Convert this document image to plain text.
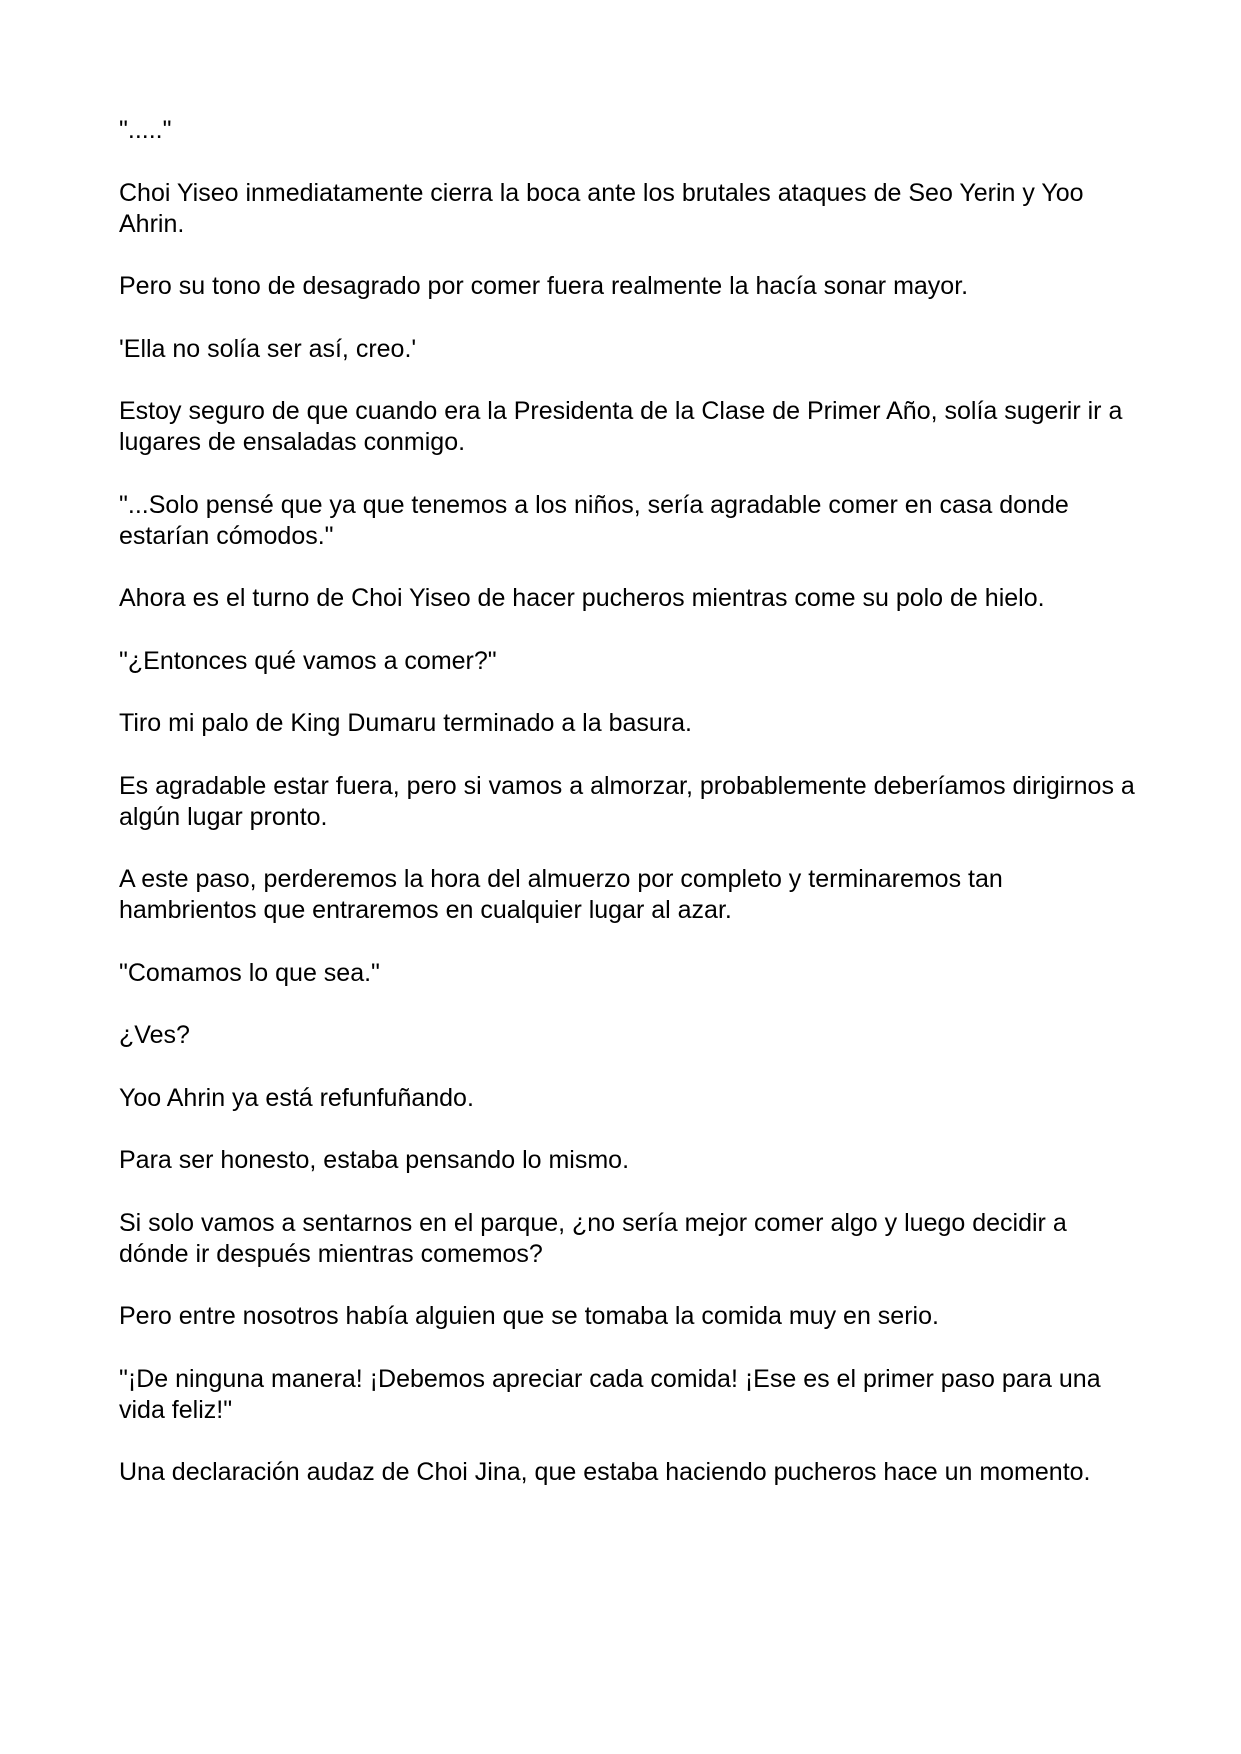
"....."

Choi Yiseo inmediatamente cierra la boca ante los brutales ataques de Seo Yerin y Yoo Ahrin.

Pero su tono de desagrado por comer fuera realmente la hacía sonar mayor.

'Ella no solía ser así, creo.'

Estoy seguro de que cuando era la Presidenta de la Clase de Primer Año, solía sugerir ir a lugares de ensaladas conmigo.

"...Solo pensé que ya que tenemos a los niños, sería agradable comer en casa donde estarían cómodos."

Ahora es el turno de Choi Yiseo de hacer pucheros mientras come su polo de hielo.

"¿Entonces qué vamos a comer?"

Tiro mi palo de King Dumaru terminado a la basura.

Es agradable estar fuera, pero si vamos a almorzar, probablemente deberíamos dirigirnos a algún lugar pronto.

A este paso, perderemos la hora del almuerzo por completo y terminaremos tan hambrientos que entraremos en cualquier lugar al azar.

"Comamos lo que sea."

¿Ves?

Yoo Ahrin ya está refunfuñando.

Para ser honesto, estaba pensando lo mismo.

Si solo vamos a sentarnos en el parque, ¿no sería mejor comer algo y luego decidir a dónde ir después mientras comemos?

Pero entre nosotros había alguien que se tomaba la comida muy en serio.

"¡De ninguna manera! ¡Debemos apreciar cada comida! ¡Ese es el primer paso para una vida feliz!"

Una declaración audaz de Choi Jina, que estaba haciendo pucheros hace un momento.
